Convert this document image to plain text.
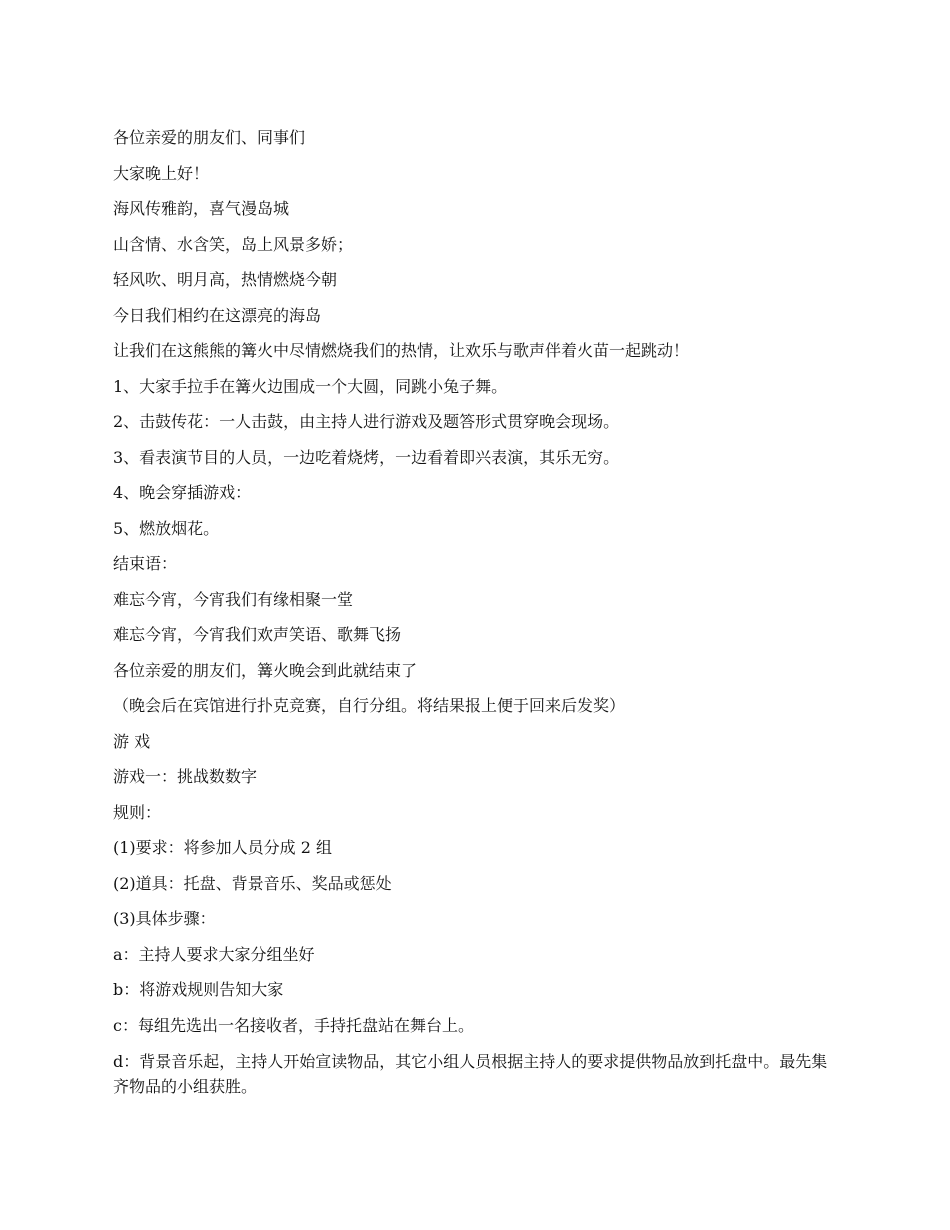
各位亲爱的朋友们、同事们

大家晚上好！

海风传雅韵，喜气漫岛城

山含情、水含笑，岛上风景多娇；

轻风吹、明月高，热情燃烧今朝

今日我们相约在这漂亮的海岛

让我们在这熊熊的篝火中尽情燃烧我们的热情，让欢乐与歌声伴着火苗一起跳动！

1、大家手拉手在篝火边围成一个大圆，同跳小兔子舞。

2、击鼓传花：一人击鼓，由主持人进行游戏及题答形式贯穿晚会现场。

3、看表演节目的人员，一边吃着烧烤，一边看着即兴表演，其乐无穷。

4、晚会穿插游戏：

5、燃放烟花。

结束语：

难忘今宵，今宵我们有缘相聚一堂

难忘今宵，今宵我们欢声笑语、歌舞飞扬

各位亲爱的朋友们，篝火晚会到此就结束了

（晚会后在宾馆进行扑克竞赛，自行分组。将结果报上便于回来后发奖）

游 戏

游戏一：挑战数数字

规则：

(1)要求：将参加人员分成 2 组

(2)道具：托盘、背景音乐、奖品或惩处

(3)具体步骤：

a：主持人要求大家分组坐好

b：将游戏规则告知大家

c：每组先选出一名接收者，手持托盘站在舞台上。

d：背景音乐起，主持人开始宣读物品，其它小组人员根据主持人的要求提供物品放到托盘中。最先集齐物品的小组获胜。
